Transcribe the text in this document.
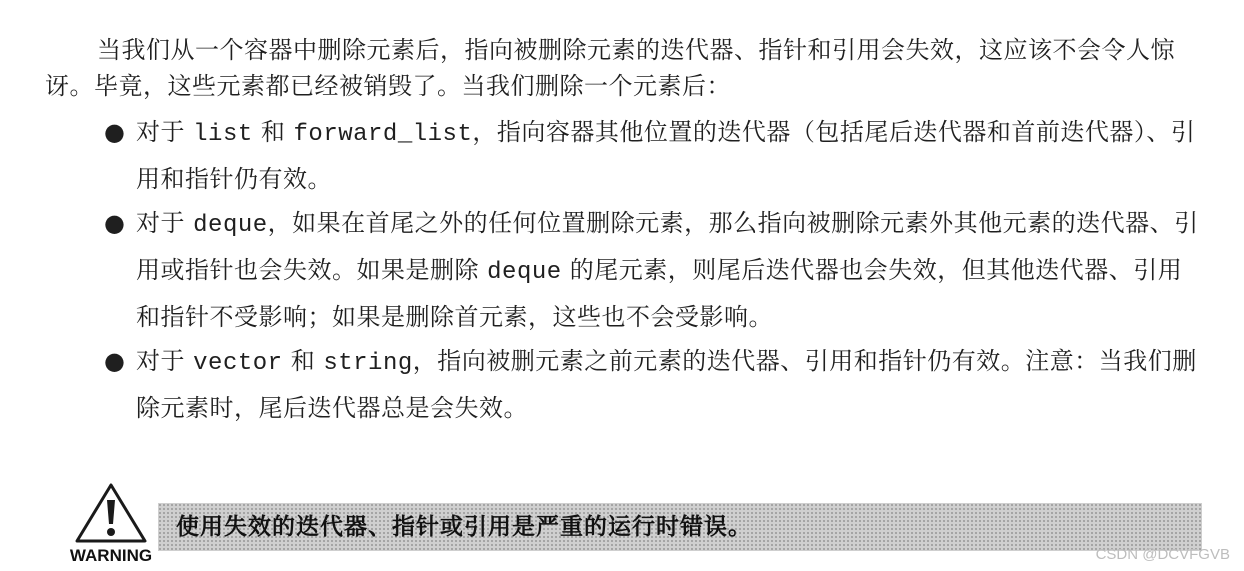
当我们从一个容器中删除元素后，指向被删除元素的迭代器、指针和引用会失效，这应该不会令人惊讶。毕竟，这些元素都已经被销毁了。当我们删除一个元素后：

● 对于 list 和 forward_list，指向容器其他位置的迭代器（包括尾后迭代器和首前迭代器）、引用和指针仍有效。
● 对于 deque，如果在首尾之外的任何位置删除元素，那么指向被删除元素外其他元素的迭代器、引用或指针也会失效。如果是删除 deque 的尾元素，则尾后迭代器也会失效，但其他迭代器、引用和指针不受影响；如果是删除首元素，这些也不会受影响。
● 对于 vector 和 string，指向被删元素之前元素的迭代器、引用和指针仍有效。注意：当我们删除元素时，尾后迭代器总是会失效。
WARNING
使用失效的迭代器、指针或引用是严重的运行时错误。
CSDN @DCVFGVB
